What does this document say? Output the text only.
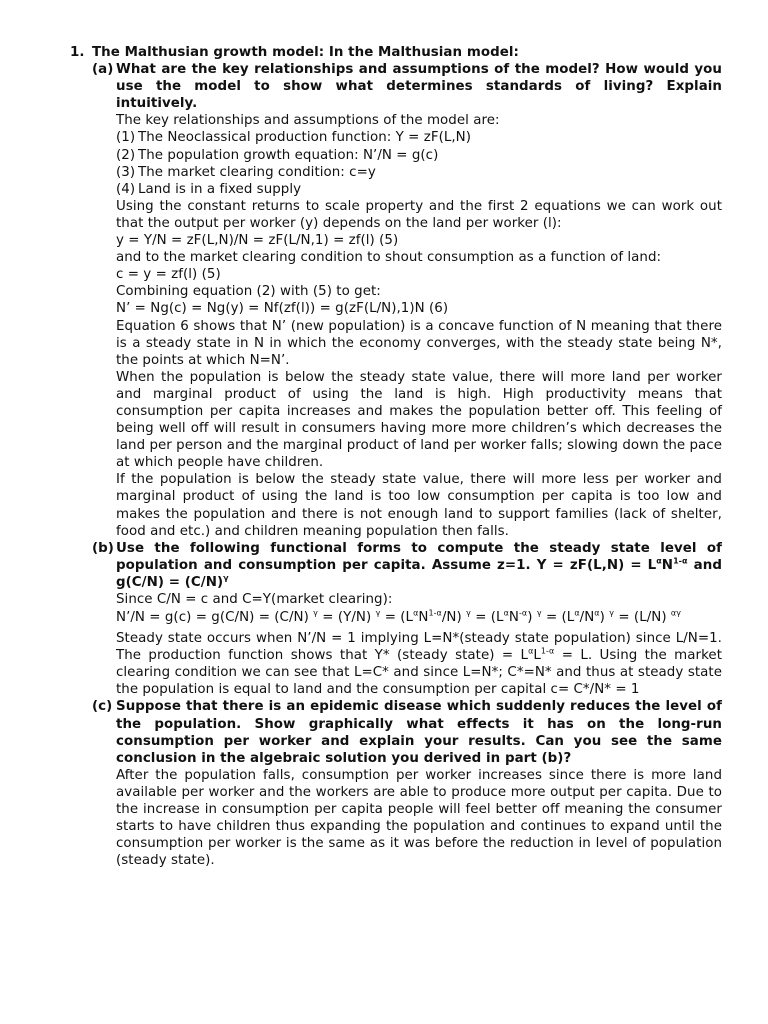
1. The Malthusian growth model: In the Malthusian model:

(a) What are the key relationships and assumptions of the model? How would you use the model to show what determines standards of living? Explain intuitively.

The key relationships and assumptions of the model are:

(1) The Neoclassical production function: Y = zF(L,N)

(2) The population growth equation: N’/N = g(c)

(3) The market clearing condition: c=y

(4) Land is in a fixed supply

Using the constant returns to scale property and the first 2 equations we can work out that the output per worker (y) depends on the land per worker (l):

y = Y/N = zF(L,N)/N = zF(L/N,1) = zf(l) (5)

and to the market clearing condition to shout consumption as a function of land:

c = y = zf(l) (5)

Combining equation (2) with (5) to get:

N’ = Ng(c) = Ng(y) = Nf(zf(l)) = g(zF(L/N),1)N (6)

Equation 6 shows that N’ (new population) is a concave function of N meaning that there is a steady state in N in which the economy converges, with the steady state being N*, the points at which N=N’.

When the population is below the steady state value, there will more land per worker and marginal product of using the land is high. High productivity means that consumption per capita increases and makes the population better off. This feeling of being well off will result in consumers having more more children’s which decreases the land per person and the marginal product of land per worker falls; slowing down the pace at which people have children.

If the population is below the steady state value, there will more less per worker and marginal product of using the land is too low consumption per capita is too low and makes the population and there is not enough land to support families (lack of shelter, food and etc.) and children meaning population then falls.

(b) Use the following functional forms to compute the steady state level of population and consumption per capita. Assume z=1. $Y = zF(L,N) = L^\alpha N^{1-\alpha}$ and $g(C/N) = (C/N)^\gamma$

Since C/N = c and C=Y(market clearing):

N’/N = g(c) = g(C/N) = (C/N) $^\gamma$ = (Y/N) $^\gamma = (L^\alpha N^{1-\alpha}/N) ^\gamma = (L^\alpha N^{-\alpha}) ^\gamma = (L^\alpha/N^\alpha) ^\gamma = (L/N)$ $^{\alpha\gamma}$

Steady state occurs when N’/N = 1 implying L=N*(steady state population) since L/N=1. The production function shows that Y* (steady state) = $L^\alpha L^{1-\alpha} = L$. Using the market clearing condition we can see that L=C* and since L=N*; C*=N* and thus at steady state the population is equal to land and the consumption per capital c= C*/N* = 1

(c) Suppose that there is an epidemic disease which suddenly reduces the level of the population. Show graphically what effects it has on the long-run consumption per worker and explain your results. Can you see the same conclusion in the algebraic solution you derived in part (b)?

After the population falls, consumption per worker increases since there is more land available per worker and the workers are able to produce more output per capita. Due to the increase in consumption per capita people will feel better off meaning the consumer starts to have children thus expanding the population and continues to expand until the consumption per worker is the same as it was before the reduction in level of population (steady state).
